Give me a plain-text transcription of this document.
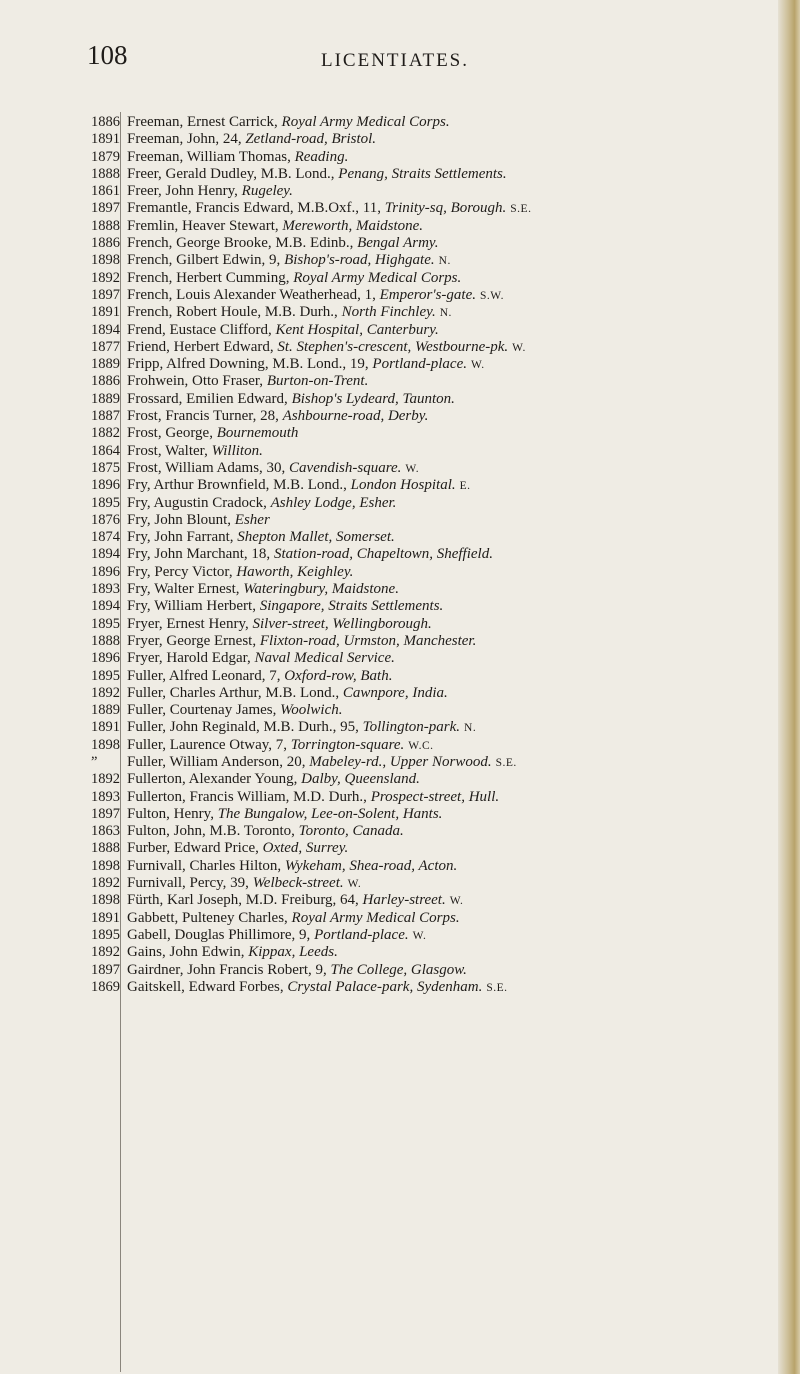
108	LICENTIATES.
1886 Freeman, Ernest Carrick, Royal Army Medical Corps.
1891 Freeman, John, 24, Zetland-road, Bristol.
1879 Freeman, William Thomas, Reading.
1888 Freer, Gerald Dudley, M.B. Lond., Penang, Straits Settlements.
1861 Freer, John Henry, Rugeley.
1897 Fremantle, Francis Edward, M.B.Oxf., 11, Trinity-sq, Borough. S.E.
1888 Fremlin, Heaver Stewart, Mereworth, Maidstone.
1886 French, George Brooke, M.B. Edinb., Bengal Army.
1898 French, Gilbert Edwin, 9, Bishop's-road, Highgate. N.
1892 French, Herbert Cumming, Royal Army Medical Corps.
1897 French, Louis Alexander Weatherhead, 1, Emperor's-gate. S.W.
1891 French, Robert Houle, M.B. Durh., North Finchley. N.
1894 Frend, Eustace Clifford, Kent Hospital, Canterbury.
1877 Friend, Herbert Edward, St. Stephen's-crescent, Westbourne-pk. W.
1889 Fripp, Alfred Downing, M.B. Lond., 19, Portland-place. W.
1886 Frohwein, Otto Fraser, Burton-on-Trent.
1889 Frossard, Emilien Edward, Bishop's Lydeard, Taunton.
1887 Frost, Francis Turner, 28, Ashbourne-road, Derby.
1882 Frost, George, Bournemouth
1864 Frost, Walter, Williton.
1875 Frost, William Adams, 30, Cavendish-square. W.
1896 Fry, Arthur Brownfield, M.B. Lond., London Hospital. E.
1895 Fry, Augustin Cradock, Ashley Lodge, Esher.
1876 Fry, John Blount, Esher
1874 Fry, John Farrant, Shepton Mallet, Somerset.
1894 Fry, John Marchant, 18, Station-road, Chapeltown, Sheffield.
1896 Fry, Percy Victor, Haworth, Keighley.
1893 Fry, Walter Ernest, Wateringbury, Maidstone.
1894 Fry, William Herbert, Singapore, Straits Settlements.
1895 Fryer, Ernest Henry, Silver-street, Wellingborough.
1888 Fryer, George Ernest, Flixton-road, Urmston, Manchester.
1896 Fryer, Harold Edgar, Naval Medical Service.
1895 Fuller, Alfred Leonard, 7, Oxford-row, Bath.
1892 Fuller, Charles Arthur, M.B. Lond., Cawnpore, India.
1889 Fuller, Courtenay James, Woolwich.
1891 Fuller, John Reginald, M.B. Durh., 95, Tollington-park. N.
1898 Fuller, Laurence Otway, 7, Torrington-square. W.C.
”	Fuller, William Anderson, 20, Mabeley-rd., Upper Norwood. S.E.
1892 Fullerton, Alexander Young, Dalby, Queensland.
1893 Fullerton, Francis William, M.D. Durh., Prospect-street, Hull.
1897 Fulton, Henry, The Bungalow, Lee-on-Solent, Hants.
1863 Fulton, John, M.B. Toronto, Toronto, Canada.
1888 Furber, Edward Price, Oxted, Surrey.
1898 Furnivall, Charles Hilton, Wykeham, Shea-road, Acton.
1892 Furnivall, Percy, 39, Welbeck-street. W.
1898 Fürth, Karl Joseph, M.D. Freiburg, 64, Harley-street. W.
1891 Gabbett, Pulteney Charles, Royal Army Medical Corps.
1895 Gabell, Douglas Phillimore, 9, Portland-place. W.
1892 Gains, John Edwin, Kippax, Leeds.
1897 Gairdner, John Francis Robert, 9, The College, Glasgow.
1869 Gaitskell, Edward Forbes, Crystal Palace-park, Sydenham. S.E.
